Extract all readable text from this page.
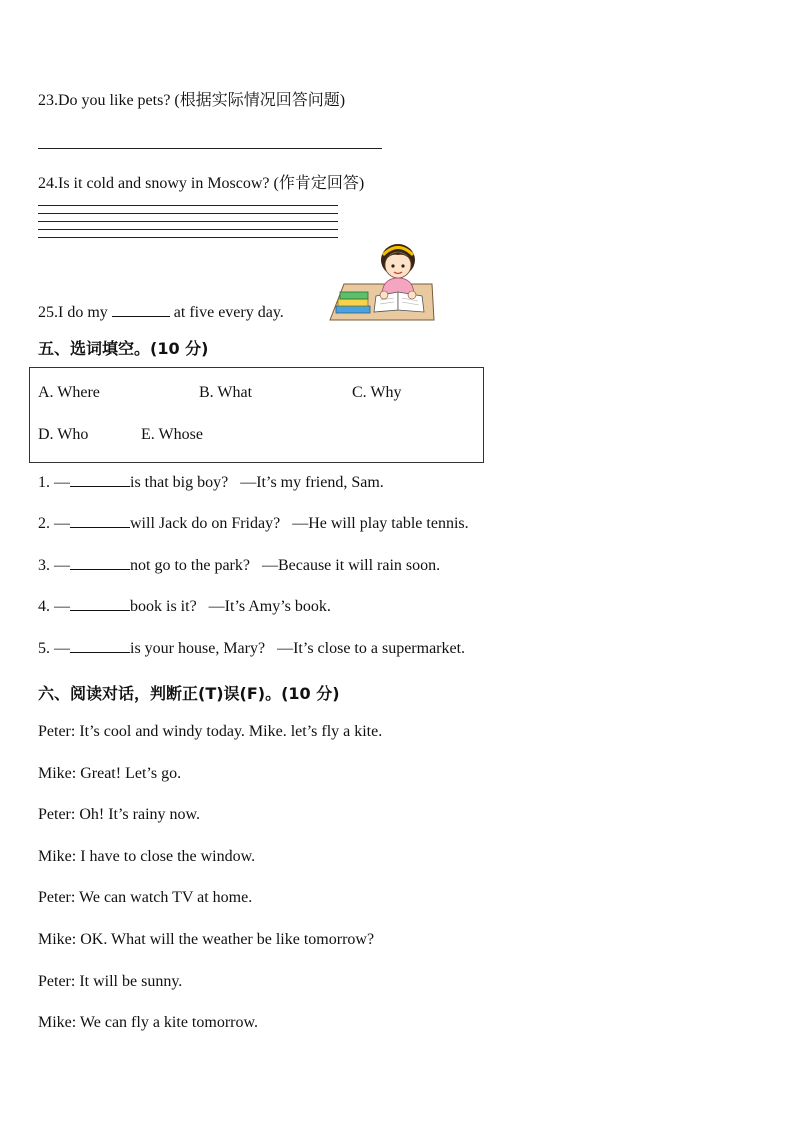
23.Do you like pets? (根据实际情况回答问题)
24.Is it cold and snowy in Moscow? (作肯定回答)
25.I do my	at five every day.
五、选词填空。(10 分)
A. Where	B. What	C. Why
D. Who	E. Whose
1. —	is that big boy? —It’s my friend, Sam.
2. —	will Jack do on Friday? —He will play table tennis.
3. —	not go to the park? —Because it will rain soon.
4. —	book is it? —It’s Amy’s book.
5. —	is your house, Mary? —It’s close to a supermarket.
六、阅读对话，判断正(T)误(F)。(10 分)
Peter: It’s cool and windy today. Mike. let’s fly a kite.
Mike: Great! Let’s go.
Peter: Oh! It’s rainy now.
Mike: I have to close the window.
Peter: We can watch TV at home.
Mike: OK. What will the weather be like tomorrow?
Peter: It will be sunny.
Mike: We can fly a kite tomorrow.
